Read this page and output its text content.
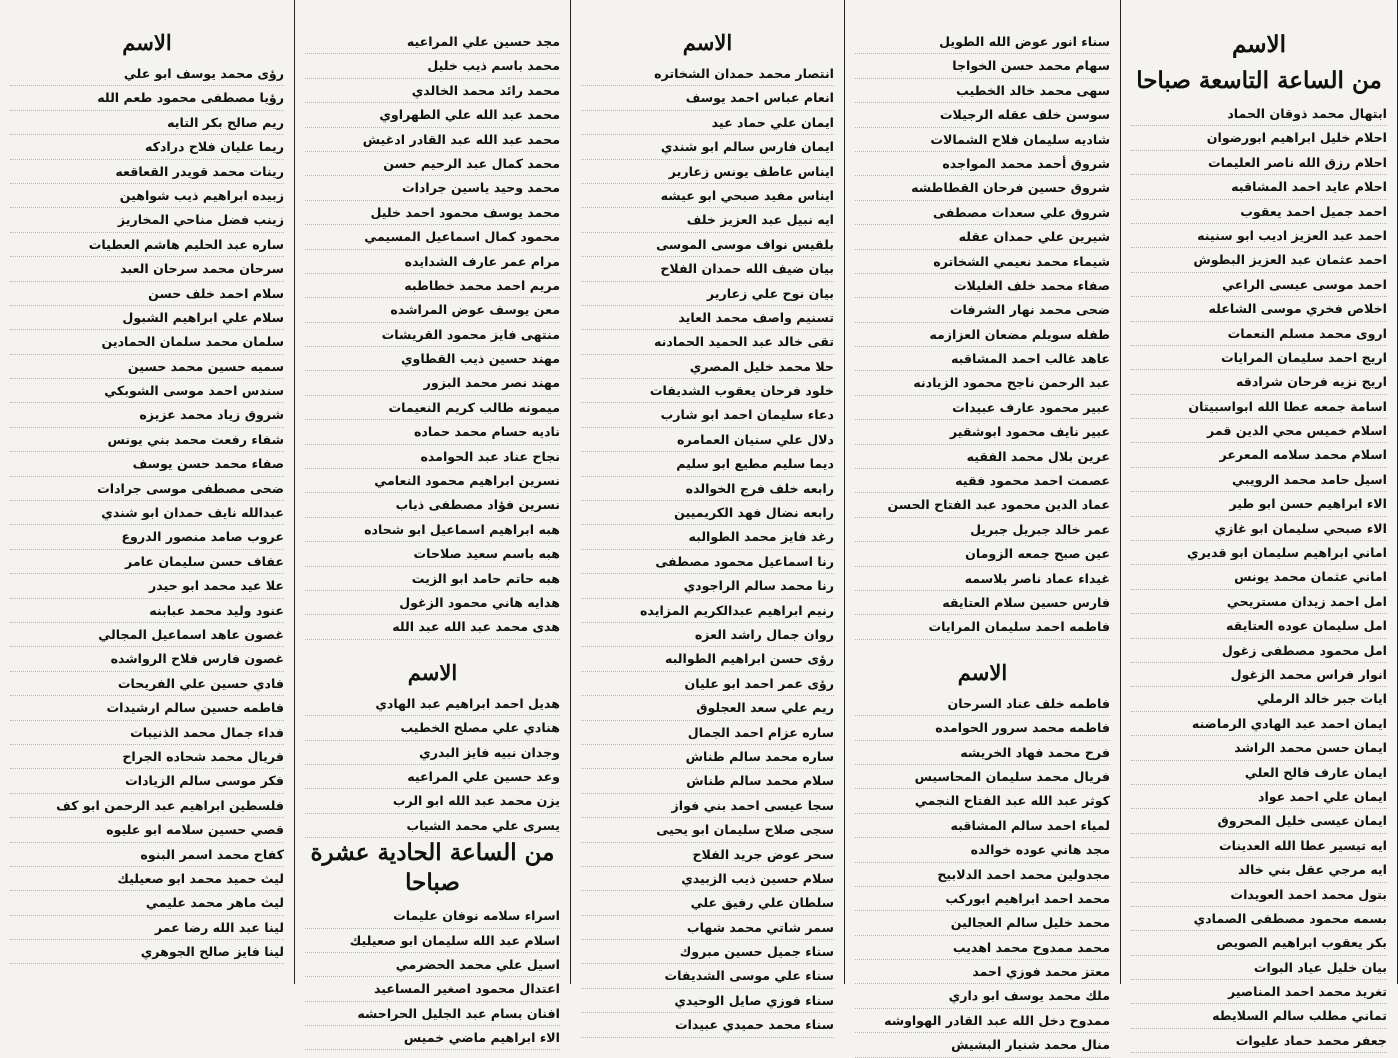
الاسم
من الساعة التاسعة صباحا
ابتهال محمد ذوقان الحماد
احلام خليل ابراهيم ابورضوان
احلام رزق الله ناصر العليمات
احلام عايد احمد المشاقبه
احمد جميل احمد يعقوب
احمد عبد العزيز اديب ابو سنينه
احمد عثمان عبد العزيز البطوش
احمد موسى عيسى الراعي
اخلاص فخري موسى الشاعله
اروى محمد مسلم النعمات
اريج احمد سليمان المرايات
اريج نزيه فرحان شرادقه
اسامة جمعه عطا الله ابواسبيتان
اسلام خميس محي الدين قمر
اسلام محمد سلامه المعرعر
اسيل حامد محمد الرويبي
الاء ابراهيم حسن ابو طير
الاء صبحي سليمان ابو غازي
اماني ابراهيم سليمان ابو قديري
اماني عثمان محمد يونس
امل احمد زيدان مستريحي
امل سليمان عوده العتايقه
امل محمود مصطفى زغول
انوار فراس محمد الزغول
ايات جبر خالد الرملي
ايمان احمد عبد الهادي الرماضنه
ايمان حسن محمد الراشد
ايمان عارف فالح العلي
ايمان علي احمد عواد
ايمان عيسى خليل المحروق
ايه تيسير عطا الله العدينات
ايه مرجي عقل بني خالد
بتول محمد احمد العويدات
بسمه محمود مصطفى الصمادي
بكر يعقوب ابراهيم الصويص
بيان خليل عياد البوات
تغريد محمد احمد المناصير
تماني مطلب سالم السلايطه
جعفر محمد حماد عليوات
سناء انور عوض الله الطويل
سهام محمد حسن الخواجا
سهى محمد خالد الخطيب
سوسن خلف عقله الرجيلات
شاديه سليمان فلاح الشمالات
شروق أحمد محمد المواجده
شروق حسين فرحان القطاطشه
شروق علي سعدات مصطفى
شيرين علي حمدان عقله
شيماء محمد نعيمي الشخاتره
صفاء محمد خلف الغليلات
ضحى محمد نهار الشرفات
طفله سويلم مضعان العزازمه
عاهد غالب احمد المشاقبه
عبد الرحمن ناجح محمود الزيادنه
عبير محمود عارف عبيدات
عبير نايف محمود ابوشقير
عرين بلال محمد الفقيه
عصمت احمد محمود فقيه
عماد الدين محمود عبد الفتاح الحسن
عمر خالد جبريل جبريل
عين صبح جمعه الزومان
غيداء عماد ناصر بلاسمه
فارس حسين سلام العتايقه
فاطمه احمد سليمان المرايات
الاسم
فاطمه خلف عناد السرحان
فاطمه محمد سرور الحوامده
فرح محمد فهاد الخريشه
فريال محمد سليمان المحاسيس
كوثر عبد الله عبد الفتاح النجمي
لمياء احمد سالم المشاقبه
مجد هاني عوده خوالده
مجدولين محمد احمد الدلابيح
محمد احمد ابراهيم ابوركب
محمد خليل سالم العجالين
محمد ممدوح محمد اهديب
معتز محمد فوزي احمد
ملك محمد يوسف ابو داري
ممدوح دخل الله عبد القادر الهواوشه
منال محمد شنيار البشيش
الاسم
انتصار محمد حمدان الشخاتره
انعام عباس احمد يوسف
ايمان علي حماد عيد
ايمان فارس سالم ابو شندي
ايناس عاطف يونس زعارير
ايناس مفيد صبحي ابو عيشه
ايه نبيل عبد العزيز خلف
بلقيس نواف موسى الموسى
بيان ضيف الله حمدان الفلاح
بيان نوح علي زعارير
تسنيم واصف محمد العايد
تقى خالد عبد الحميد الحمادنه
حلا محمد خليل المصري
خلود فرحان يعقوب الشديفات
دعاء سليمان احمد ابو شارب
دلال علي سنيان العمامره
ديما سليم مطيع ابو سليم
رابعه خلف فرج الخوالده
رابعه نضال فهد الكريميين
رغد فايز محمد الطوالبه
رنا اسماعيل محمود مصطفى
رنا محمد سالم الراجودي
رنيم ابراهيم عبدالكريم المزايده
روان جمال راشد العزه
رؤى حسن ابراهيم الطوالبه
رؤى عمر احمد ابو عليان
ريم علي سعد العجلوق
ساره عزام احمد الجمال
ساره محمد سالم طناش
سلام محمد سالم طناش
سجا عيسى احمد بني فواز
سجى صلاح سليمان ابو يحيى
سحر عوض جريد الفلاح
سلام حسين ذيب الزبيدي
سلطان علي رفيق علي
سمر شاتي محمد شهاب
سناء جميل حسين مبروك
سناء علي موسى الشديفات
سناء فوزي صايل الوحيدي
سناء محمد حميدي عبيدات
مجد حسين علي المراعيه
محمد باسم ذيب خليل
محمد رائد محمد الخالدي
محمد عبد الله علي الطهراوي
محمد عبد الله عبد القادر ادغيش
محمد كمال عبد الرحيم حسن
محمد وحيد ياسين جرادات
محمد يوسف محمود احمد خليل
محمود كمال اسماعيل المسيمي
مرام عمر عارف الشدايده
مريم احمد محمد خطاطبه
معن يوسف عوض المراشده
منتهى فايز محمود القريشات
مهند حسين ذيب القطاوي
مهند نصر محمد البزور
ميمونه طالب كريم النعيمات
ناديه حسام محمد حماده
نجاح عناد عبد الحوامده
نسرين ابراهيم محمود النعامي
نسرين فؤاد مصطفى ذياب
هبه ابراهيم اسماعيل ابو شحاده
هبه باسم سعيد صلاحات
هبه حاتم حامد ابو الزيت
هدايه هاني محمود الزغول
هدى محمد عبد الله عبد الله
الاسم
هديل احمد ابراهيم عبد الهادي
هنادي علي مصلح الخطيب
وجدان نبيه فايز البدري
وعد حسين علي المراعيه
يزن محمد عبد الله ابو الرب
يسرى علي محمد الشياب
من الساعة الحادية عشرة صباحا
اسراء سلامه نوفان عليمات
اسلام عبد الله سليمان ابو صعيليك
اسيل علي محمد الحضرمي
اعتدال محمود اصغير المساعيد
افنان بسام عبد الجليل الحراحشه
الاء ابراهيم ماضي خميس
الاسم
رؤى محمد يوسف ابو علي
رؤيا مصطفى محمود طعم الله
ريم صالح بكر التايه
ريما عليان فلاح درادكه
رينات محمد قويدر القعاقعه
زبيده ابراهيم ذيب شواهين
زينب فضل مناحي المخاريز
ساره عبد الحليم هاشم العطيات
سرحان محمد سرحان العبد
سلام احمد خلف حسن
سلام علي ابراهيم الشبول
سلمان محمد سلمان الحمادين
سميه حسين محمد حسين
سندس احمد موسى الشوبكي
شروق زياد محمد عزيزه
شفاء رفعت محمد بني يونس
صفاء محمد حسن يوسف
ضحى مصطفى موسى جرادات
عبدالله نايف حمدان ابو شندي
عروب صامد منصور الدروع
عفاف حسن سليمان عامر
علا عيد محمد ابو حيدر
عنود وليد محمد عبابنه
غصون عاهد اسماعيل المجالي
غصون فارس فلاح الرواشده
فادي حسين علي الفريحات
فاطمه حسين سالم ارشيدات
فداء جمال محمد الذنيبات
فريال محمد شحاده الجراح
فكر موسى سالم الزيادات
فلسطين ابراهيم عبد الرحمن ابو كف
قصي حسين سلامه ابو عليوه
كفاح محمد اسمر البنوه
ليث حميد محمد ابو صعيليك
ليث ماهر محمد عليمي
لينا عبد الله رضا عمر
لينا فايز صالح الجوهري
